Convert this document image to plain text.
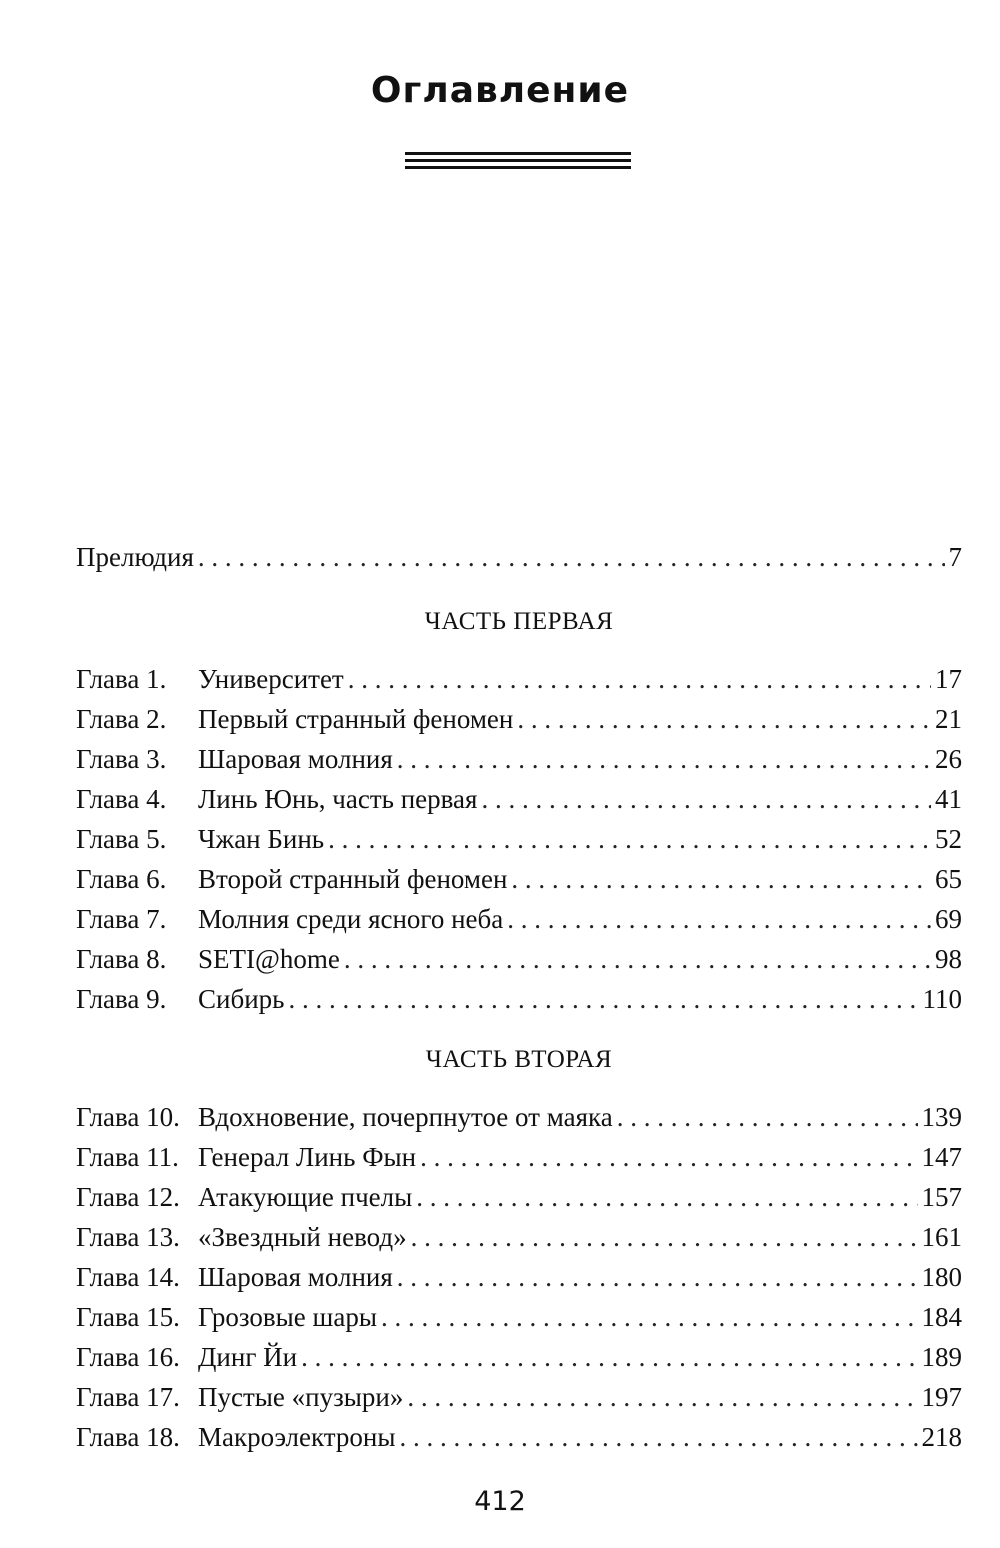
Оглавление
Прелюдия . . .	7
ЧАСТЬ ПЕРВАЯ
Глава 1.	Университет . . .	17
Глава 2.	Первый странный феномен . . .	21
Глава 3.	Шаровая молния . . .	26
Глава 4.	Линь Юнь, часть первая . . .	41
Глава 5.	Чжан Бинь . . .	52
Глава 6.	Второй странный феномен . . .	65
Глава 7.	Молния среди ясного неба . . .	69
Глава 8.	SETI@home . . .	98
Глава 9.	Сибирь . . .	110
ЧАСТЬ ВТОРАЯ
Глава 10. Вдохновение, почерпнутое от маяка . . .	139
Глава 11. Генерал Линь Фын . . .	147
Глава 12. Атакующие пчелы . . .	157
Глава 13. «Звездный невод» . . .	161
Глава 14. Шаровая молния . . .	180
Глава 15. Грозовые шары . . .	184
Глава 16. Динг Йи . . .	189
Глава 17. Пустые «пузыри» . . .	197
Глава 18. Макроэлектроны . . .	218
412
